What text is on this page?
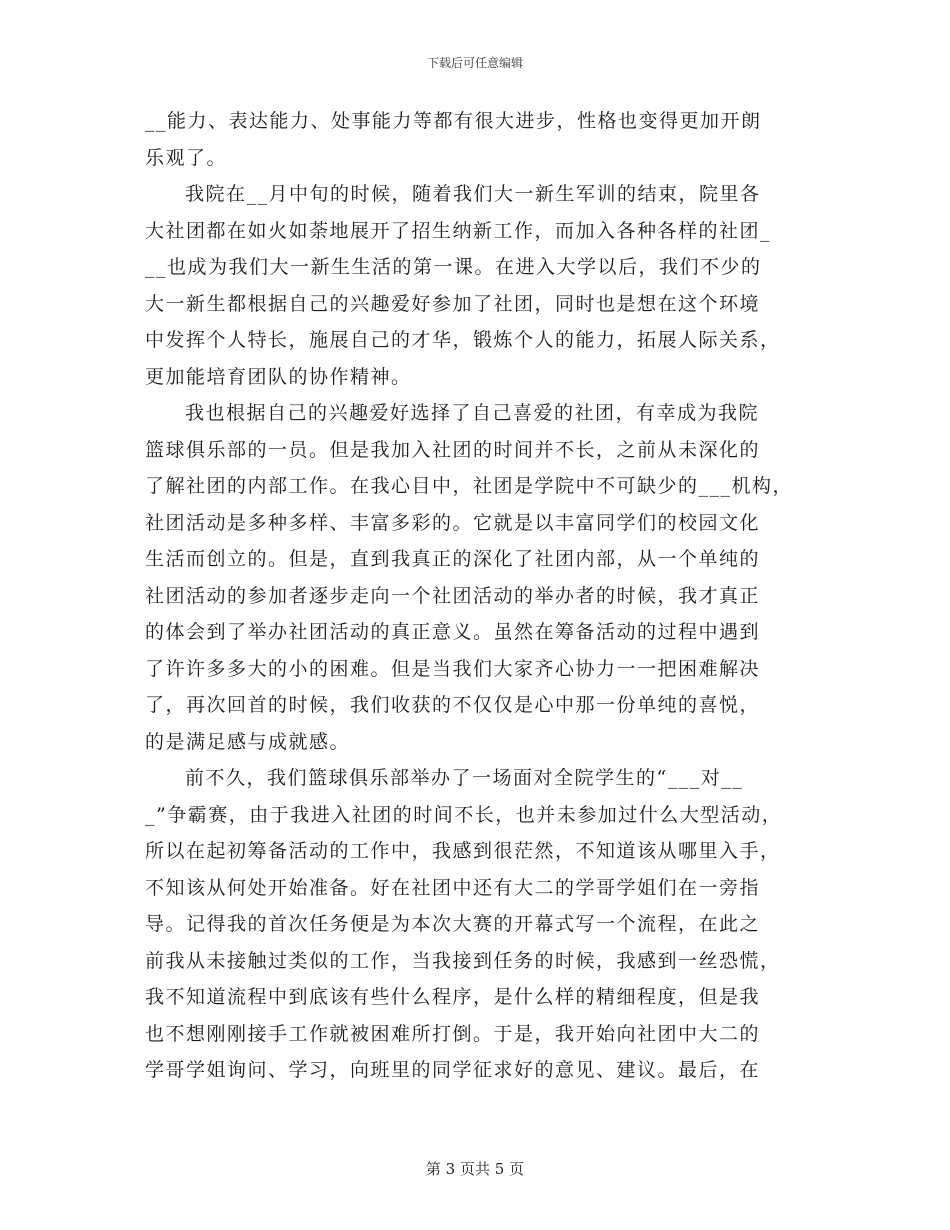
下载后可任意编辑
__能力、表达能力、处事能力等都有很大进步，性格也变得更加开朗
乐观了。
我院在__月中旬的时候，随着我们大一新生军训的结束，院里各
大社团都在如火如荼地展开了招生纳新工作，而加入各种各样的社团_
__也成为我们大一新生生活的第一课。在进入大学以后，我们不少的
大一新生都根据自己的兴趣爱好参加了社团，同时也是想在这个环境
中发挥个人特长，施展自己的才华，锻炼个人的能力，拓展人际关系，
更加能培育团队的协作精神。
我也根据自己的兴趣爱好选择了自己喜爱的社团，有幸成为我院
篮球俱乐部的一员。但是我加入社团的时间并不长，之前从未深化的
了解社团的内部工作。在我心目中，社团是学院中不可缺少的___机构，
社团活动是多种多样、丰富多彩的。它就是以丰富同学们的校园文化
生活而创立的。但是，直到我真正的深化了社团内部，从一个单纯的
社团活动的参加者逐步走向一个社团活动的举办者的时候，我才真正
的体会到了举办社团活动的真正意义。虽然在筹备活动的过程中遇到
了许许多多大的小的困难。但是当我们大家齐心协力一一把困难解决
了，再次回首的时候，我们收获的不仅仅是心中那一份单纯的喜悦，
的是满足感与成就感。
前不久，我们篮球俱乐部举办了一场面对全院学生的“___对__
_”争霸赛，由于我进入社团的时间不长，也并未参加过什么大型活动，
所以在起初筹备活动的工作中，我感到很茫然，不知道该从哪里入手，
不知该从何处开始准备。好在社团中还有大二的学哥学姐们在一旁指
导。记得我的首次任务便是为本次大赛的开幕式写一个流程，在此之
前我从未接触过类似的工作，当我接到任务的时候，我感到一丝恐慌，
我不知道流程中到底该有些什么程序，是什么样的精细程度，但是我
也不想刚刚接手工作就被困难所打倒。于是，我开始向社团中大二的
学哥学姐询问、学习，向班里的同学征求好的意见、建议。最后，在
第 3 页共 5 页
